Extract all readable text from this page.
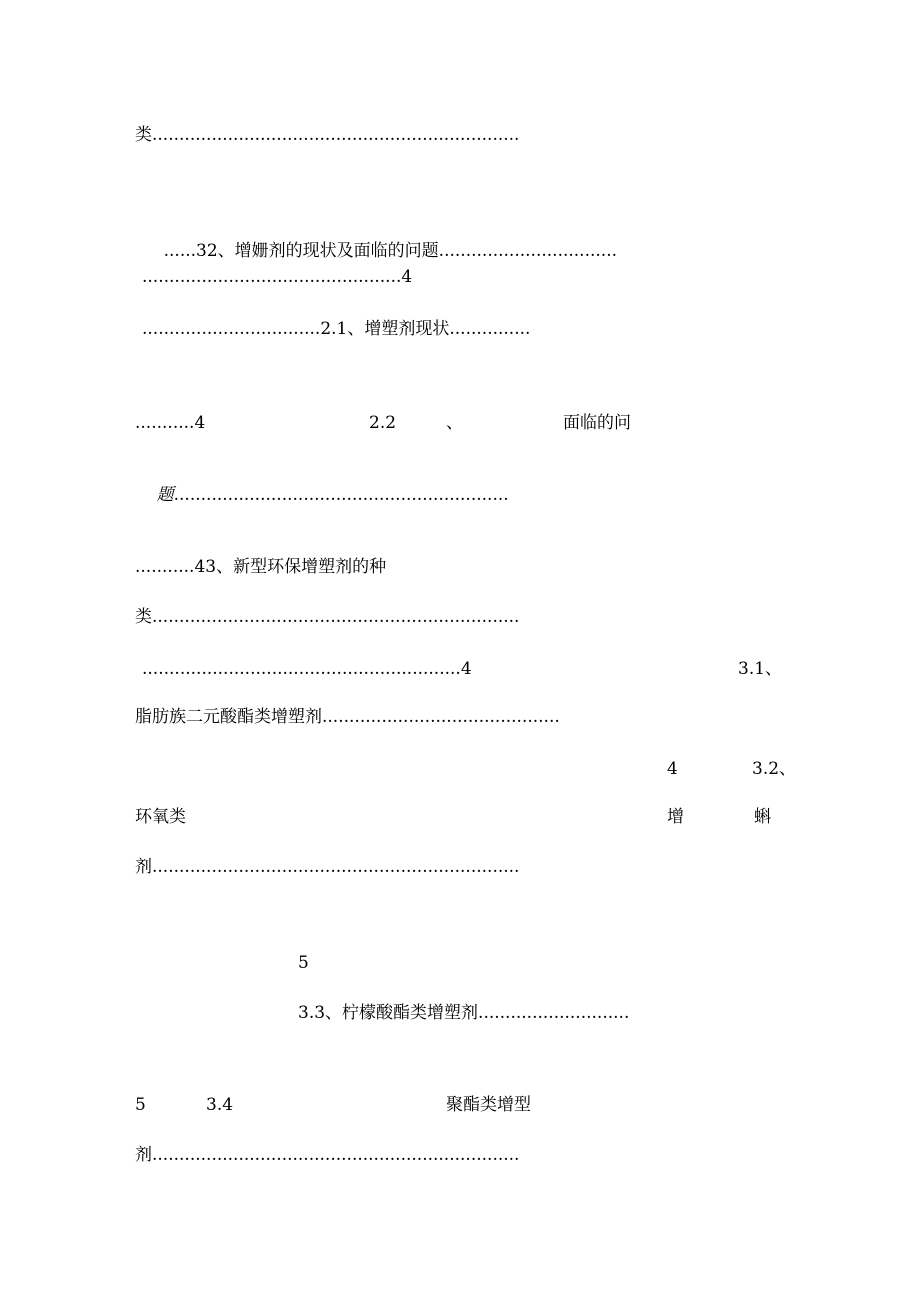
类....................................................................

......32、增姗剂的现状及面临的问题.................................

................................................4
.................................2.1、增塑剂现状...............
...........4	2.2	、	面临的问

题..............................................................

...........43、新型环保增塑剂的种
类....................................................................
...........................................................4	3.1、
脂肪族二元酸酯类增塑剂............................................
4	3.2、
环氧类	增	蝌
剂....................................................................
5
3.3、柠檬酸酯类增塑剂............................
5	3.4	聚酯类增型
剂....................................................................
